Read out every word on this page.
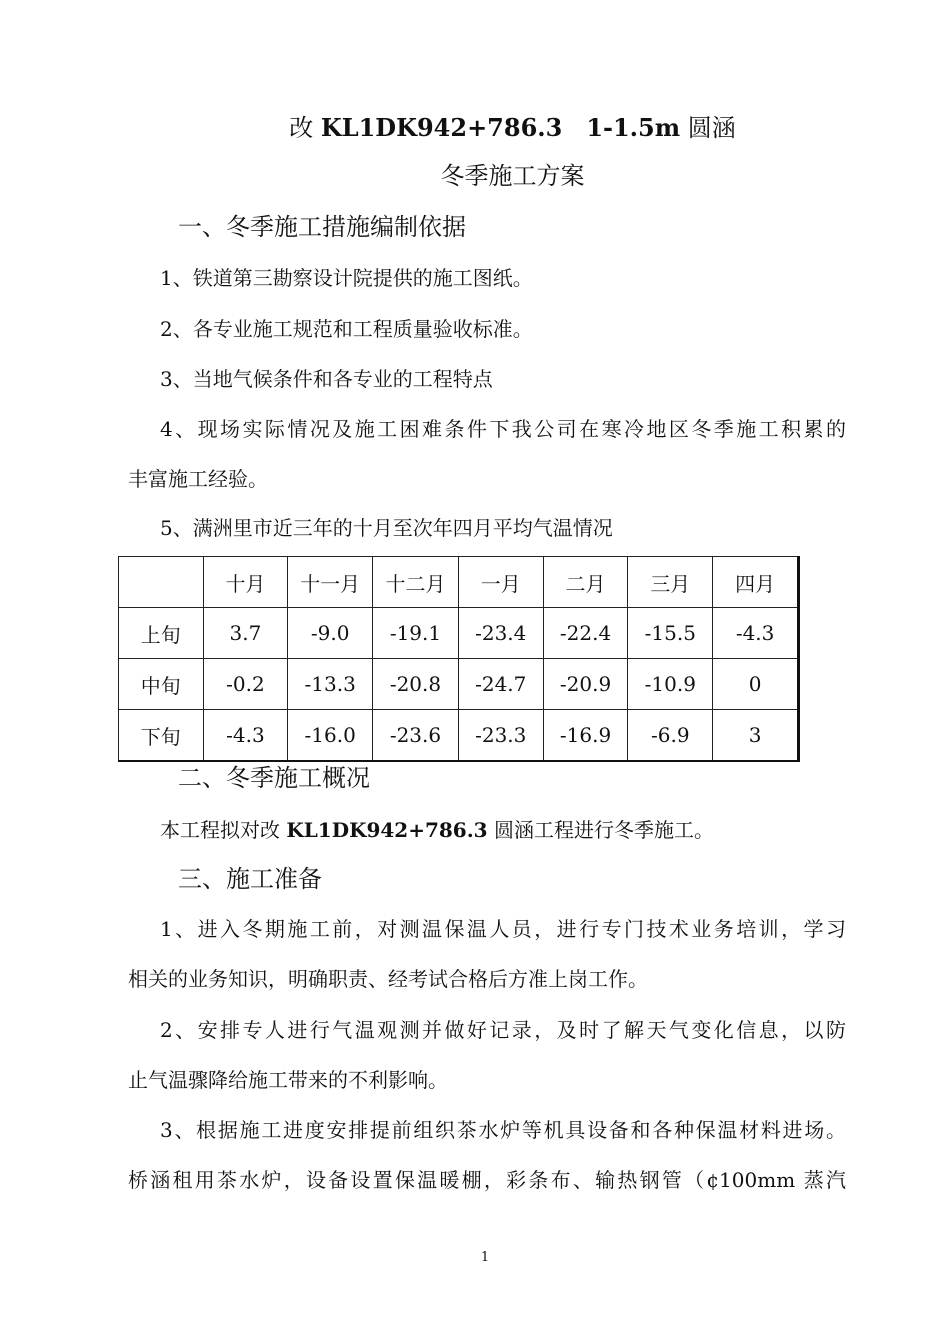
改 KL1DK942+786.3　1-1.5m 圆涵
冬季施工方案
一、冬季施工措施编制依据
1、铁道第三勘察设计院提供的施工图纸。
2、各专业施工规范和工程质量验收标准。
3、当地气候条件和各专业的工程特点
4、现场实际情况及施工困难条件下我公司在寒冷地区冬季施工积累的
丰富施工经验。
5、满洲里市近三年的十月至次年四月平均气温情况
	十月	十一月	十二月	一月	二月	三月	四月
上旬	3.7	-9.0	-19.1	-23.4	-22.4	-15.5	-4.3
中旬	-0.2	-13.3	-20.8	-24.7	-20.9	-10.9	0
下旬	-4.3	-16.0	-23.6	-23.3	-16.9	-6.9	3
二、冬季施工概况
本工程拟对改 KL1DK942+786.3 圆涵工程进行冬季施工。
三、施工准备
1、进入冬期施工前，对测温保温人员，进行专门技术业务培训，学习
相关的业务知识，明确职责、经考试合格后方准上岗工作。
2、安排专人进行气温观测并做好记录，及时了解天气变化信息，以防
止气温骤降给施工带来的不利影响。
3、根据施工进度安排提前组织茶水炉等机具设备和各种保温材料进场。
桥涵租用茶水炉，设备设置保温暖棚，彩条布、输热钢管（¢100mm 蒸汽
1
